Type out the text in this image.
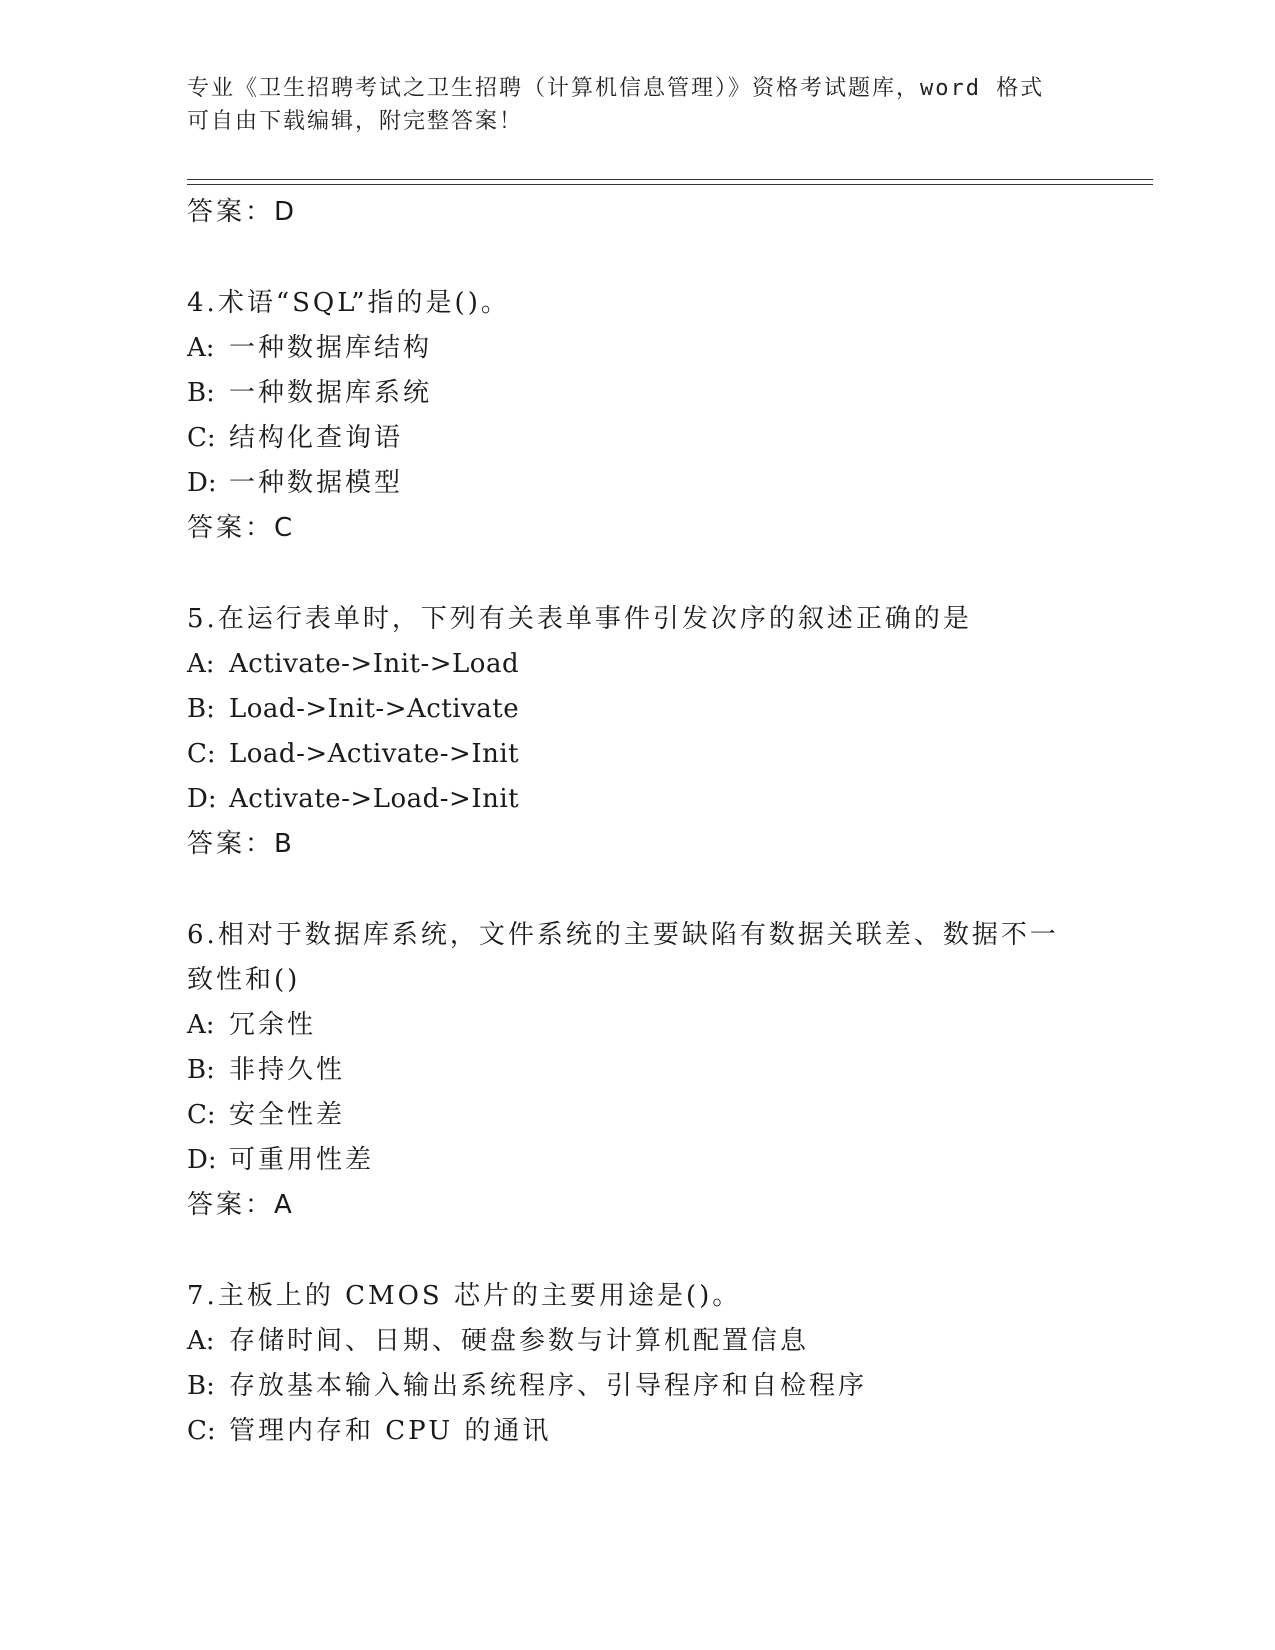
专业《卫生招聘考试之卫生招聘（计算机信息管理）》资格考试题库，word 格式
可自由下载编辑，附完整答案！
答案：D
4.术语“SQL”指的是()。
A: 一种数据库结构
B: 一种数据库系统
C: 结构化查询语
D: 一种数据模型
答案：C
5.在运行表单时，下列有关表单事件引发次序的叙述正确的是
A: Activate->Init->Load
B: Load->Init->Activate
C: Load->Activate->Init
D: Activate->Load->Init
答案：B
6.相对于数据库系统，文件系统的主要缺陷有数据关联差、数据不一
致性和()
A: 冗余性
B: 非持久性
C: 安全性差
D: 可重用性差
答案：A
7.主板上的 CMOS 芯片的主要用途是()。
A: 存储时间、日期、硬盘参数与计算机配置信息
B: 存放基本输入输出系统程序、引导程序和自检程序
C: 管理内存和 CPU 的通讯
